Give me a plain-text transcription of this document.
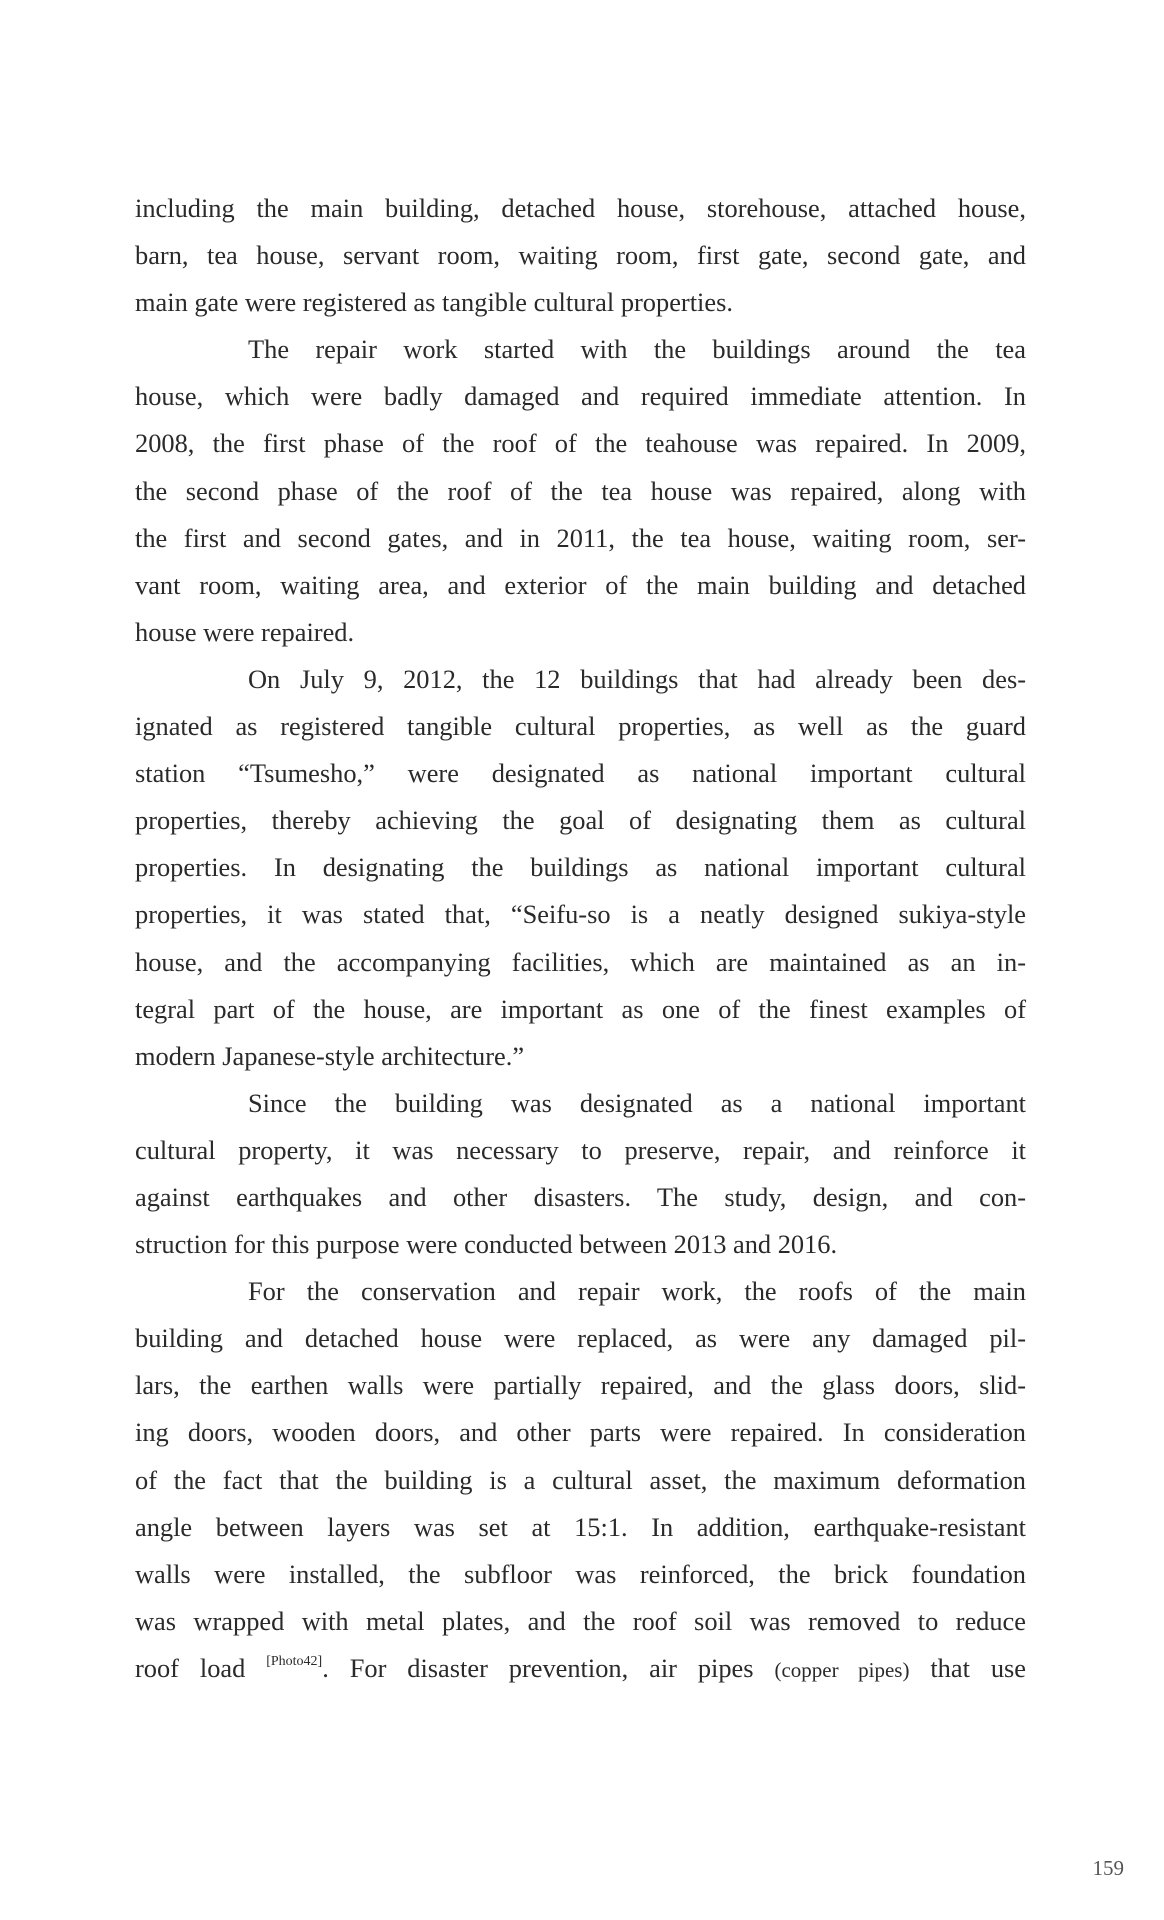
including the main building, detached house, storehouse, attached house,
barn, tea house, servant room, waiting room, first gate, second gate, and
main gate were registered as tangible cultural properties.
The repair work started with the buildings around the tea
house, which were badly damaged and required immediate attention. In
2008, the first phase of the roof of the teahouse was repaired. In 2009,
the second phase of the roof of the tea house was repaired, along with
the first and second gates, and in 2011, the tea house, waiting room, ser-
vant room, waiting area, and exterior of the main building and detached
house were repaired.
On July 9, 2012, the 12 buildings that had already been des-
ignated as registered tangible cultural properties, as well as the guard
station “Tsumesho,” were designated as national important cultural
properties, thereby achieving the goal of designating them as cultural
properties. In designating the buildings as national important cultural
properties, it was stated that, “Seifu-so is a neatly designed sukiya-style
house, and the accompanying facilities, which are maintained as an in-
tegral part of the house, are important as one of the finest examples of
modern Japanese-style architecture.”
Since the building was designated as a national important
cultural property, it was necessary to preserve, repair, and reinforce it
against earthquakes and other disasters. The study, design, and con-
struction for this purpose were conducted between 2013 and 2016.
For the conservation and repair work, the roofs of the main
building and detached house were replaced, as were any damaged pil-
lars, the earthen walls were partially repaired, and the glass doors, slid-
ing doors, wooden doors, and other parts were repaired. In consideration
of the fact that the building is a cultural asset, the maximum deformation
angle between layers was set at 15:1. In addition, earthquake-resistant
walls were installed, the subfloor was reinforced, the brick foundation
was wrapped with metal plates, and the roof soil was removed to reduce
roof load [Photo42]. For disaster prevention, air pipes (copper pipes) that use
159
